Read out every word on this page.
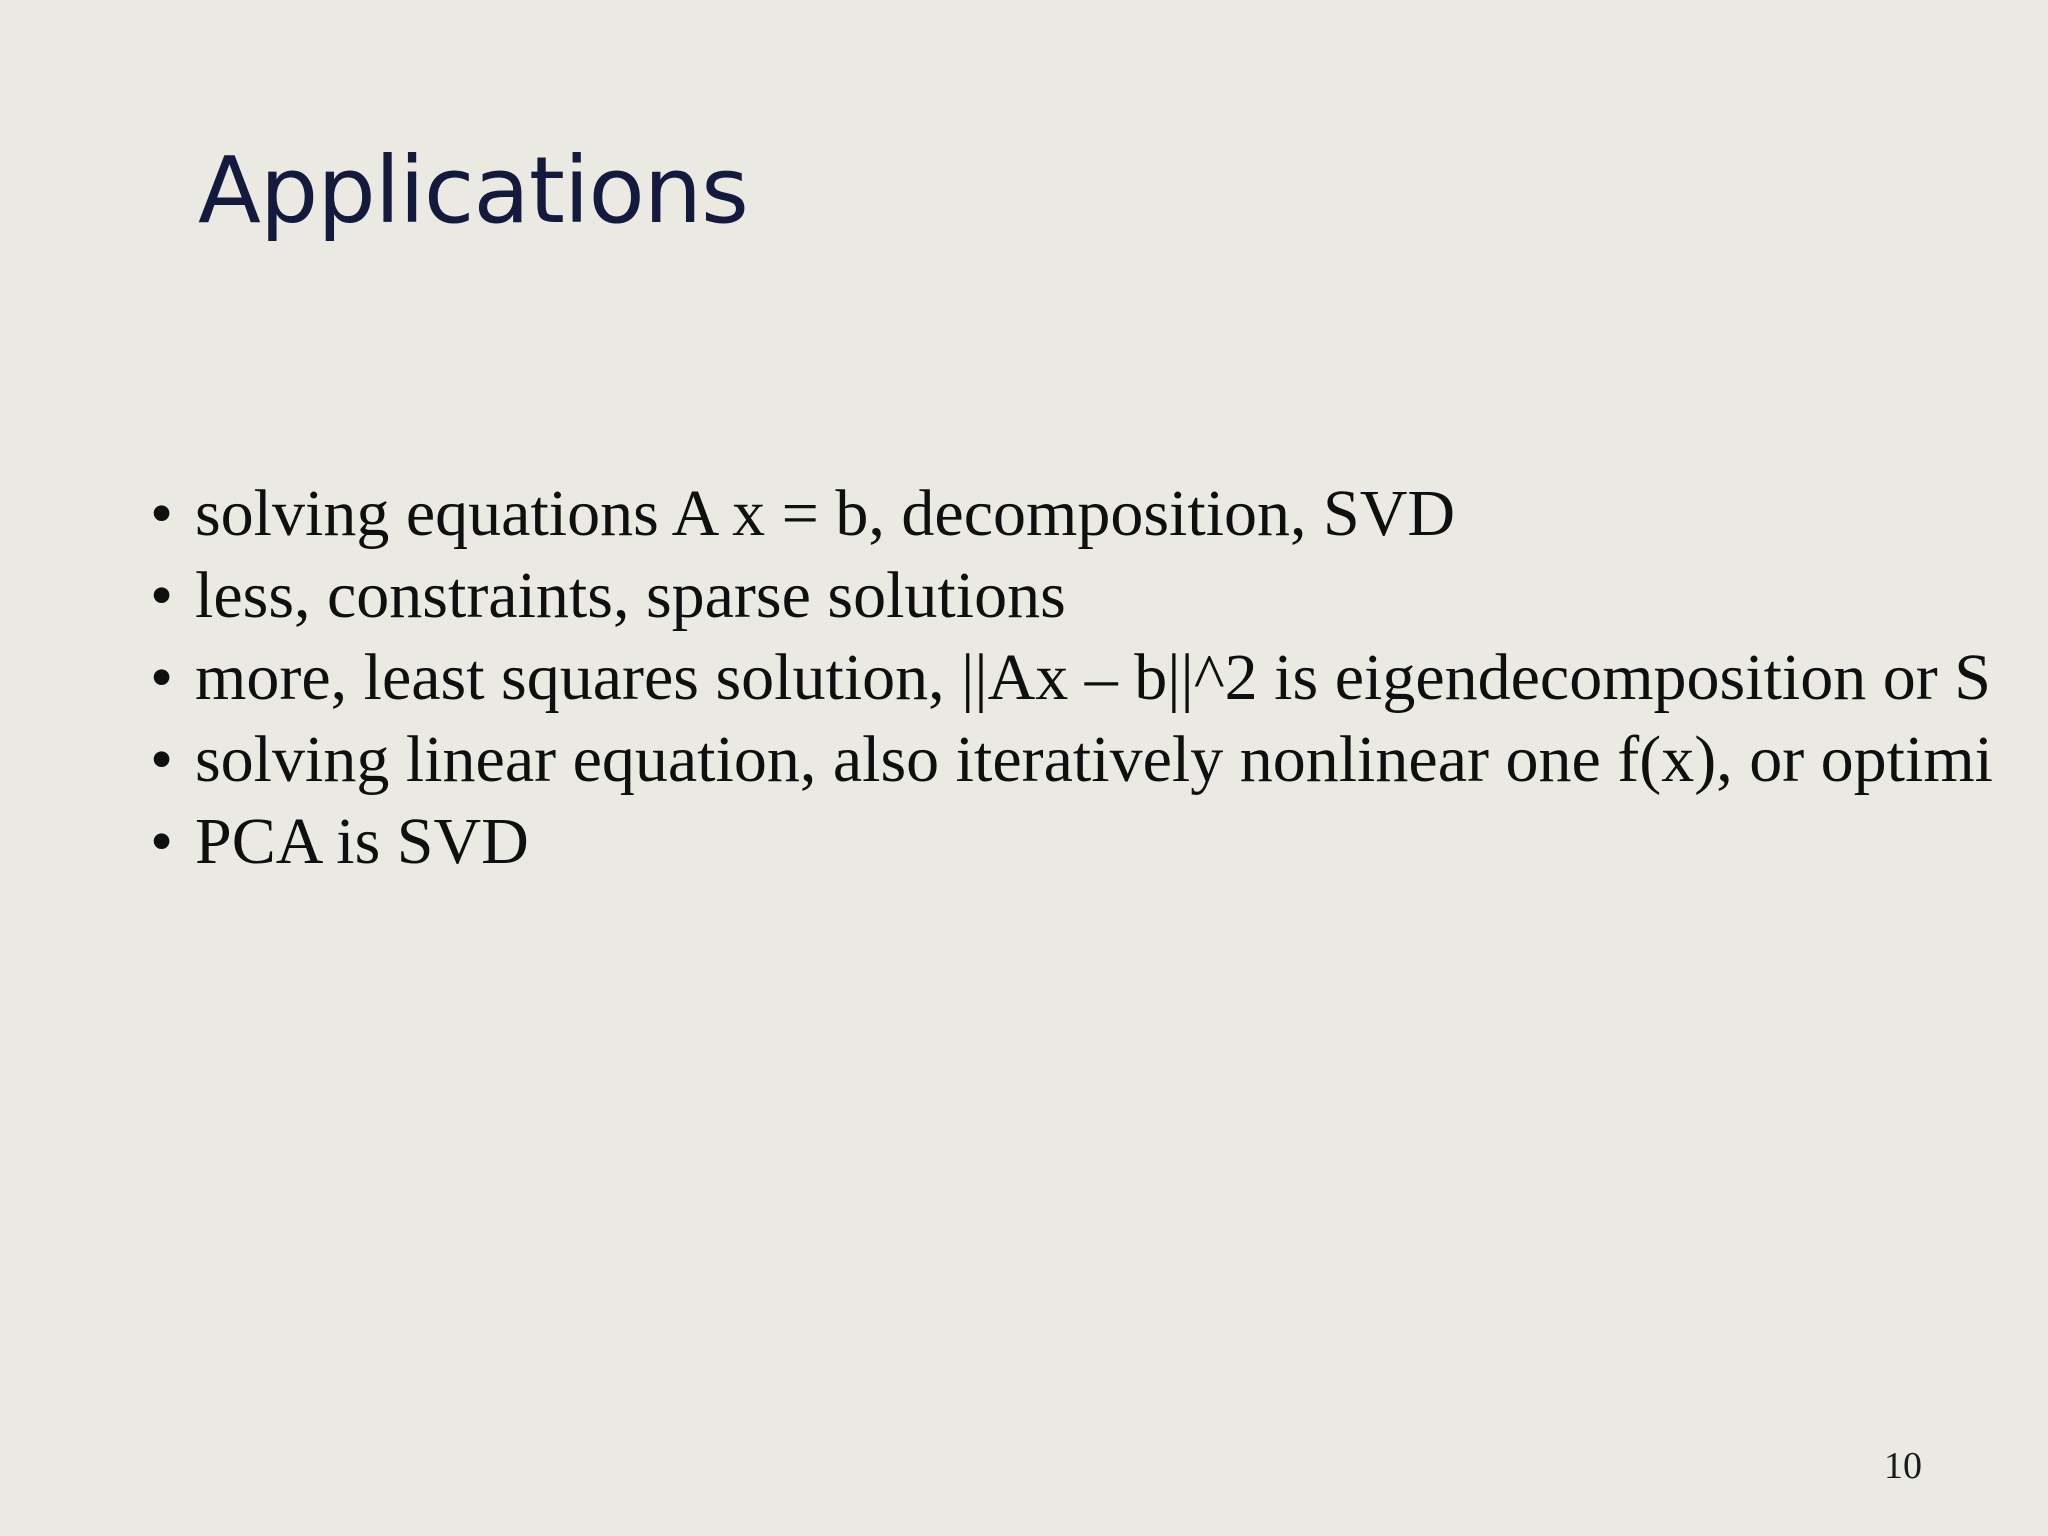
Applications
• solving equations A x = b, decomposition, SVD
• less, constraints, sparse solutions
• more, least squares solution, ||Ax – b||^2 is eigendecomposition or S
• solving linear equation, also iteratively nonlinear one f(x), or optimi
• PCA is SVD
10
